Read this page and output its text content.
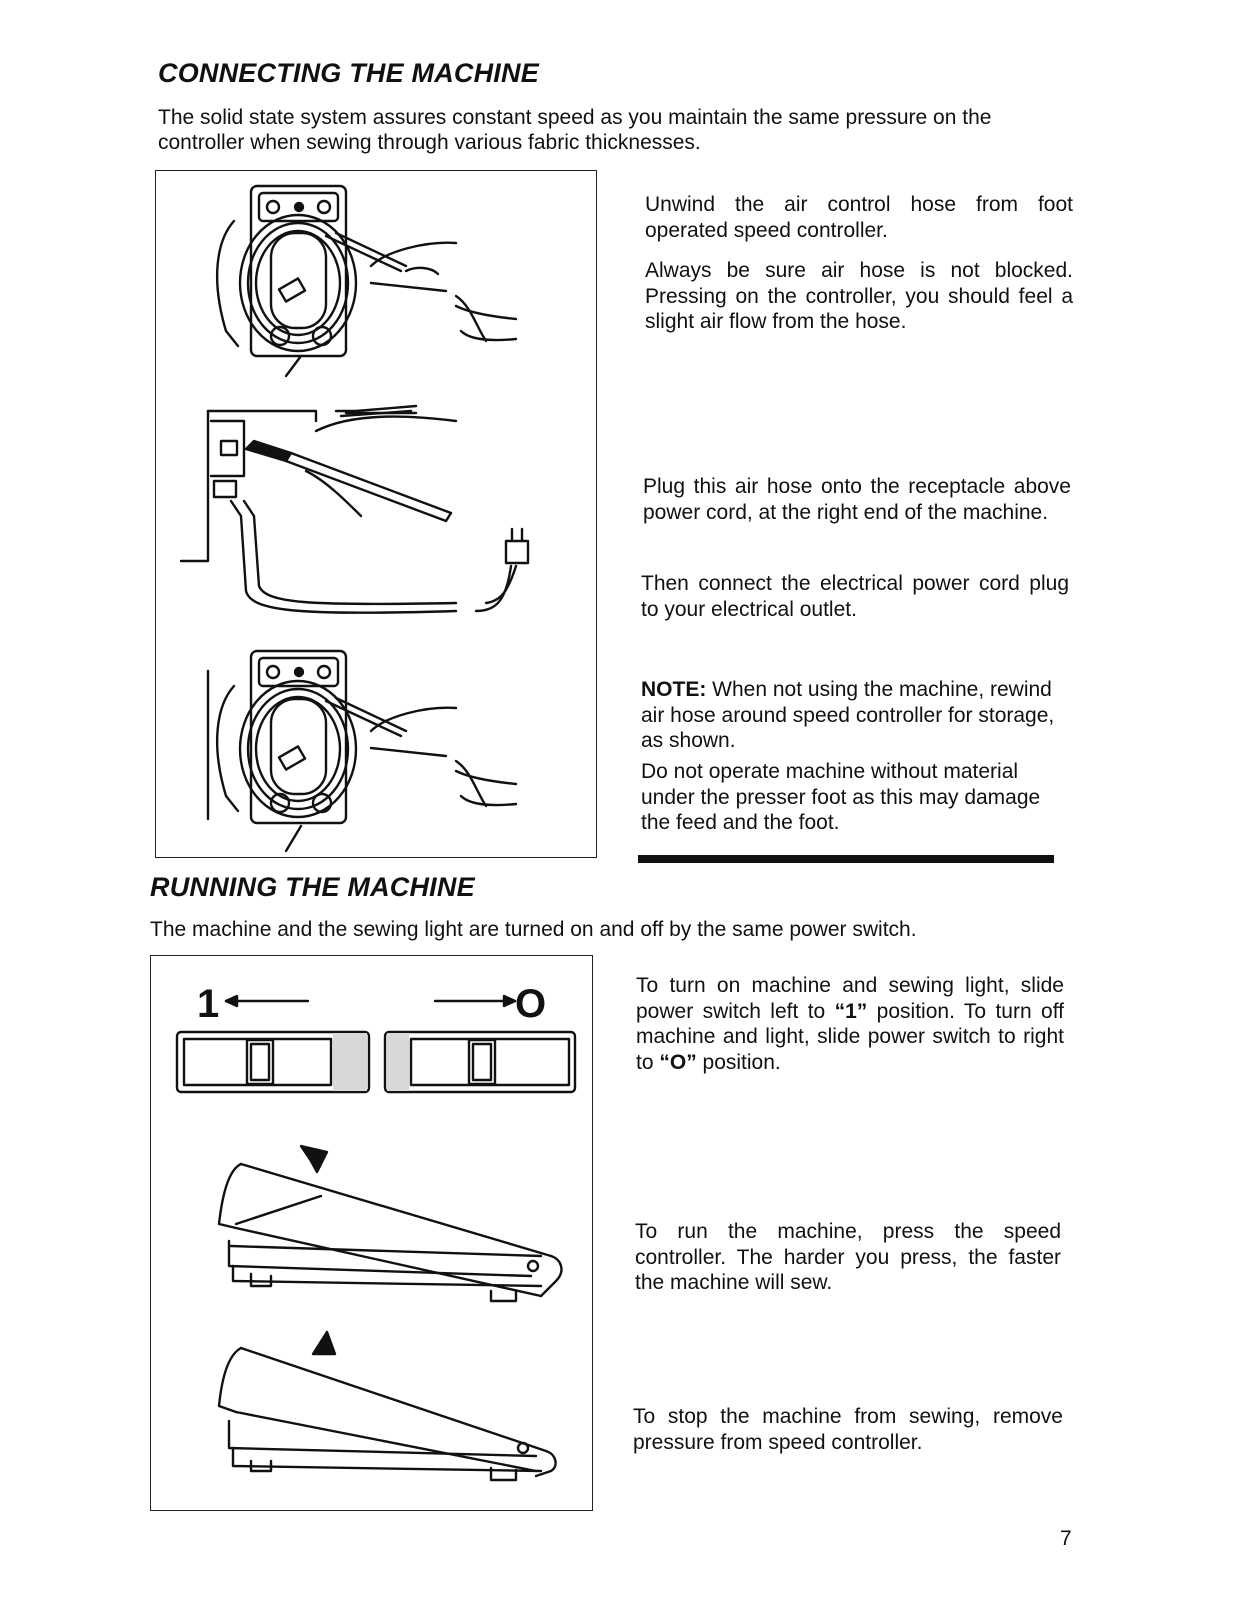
CONNECTING THE MACHINE

The solid state system assures constant speed as you maintain the same pressure on the controller when sewing through various fabric thicknesses.

Unwind the air control hose from foot operated speed controller.

Always be sure air hose is not blocked. Pressing on the controller, you should feel a slight air flow from the hose.

Plug this air hose onto the receptacle above power cord, at the right end of the machine.

Then connect the electrical power cord plug to your electrical outlet.

NOTE: When not using the machine, rewind air hose around speed controller for storage, as shown.

Do not operate machine without material under the presser foot as this may damage the feed and the foot.

RUNNING THE MACHINE

The machine and the sewing light are turned on and off by the same power switch.

1	O	To turn on machine and sewing light, slide power switch left to “1” position. To turn off machine and light, slide power switch to right to “O” position.

To run the machine, press the speed controller. The harder you press, the faster the machine will sew.

To stop the machine from sewing, remove pressure from speed controller.

7
